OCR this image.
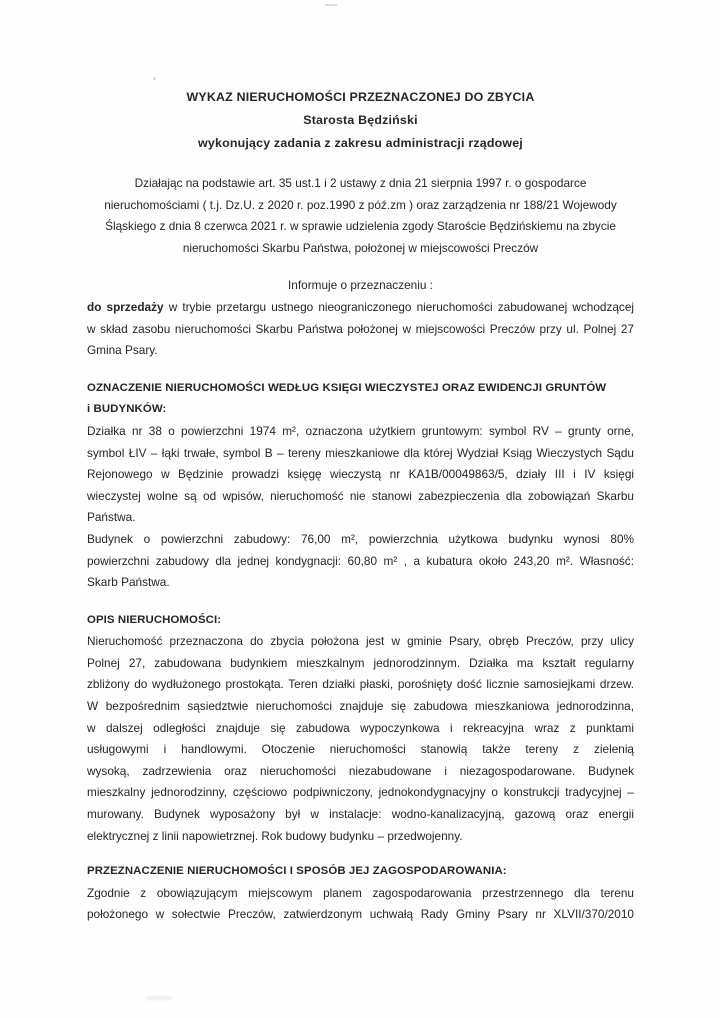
WYKAZ NIERUCHOMOŚCI PRZEZNACZONEJ DO ZBYCIA
Starosta Będziński
wykonujący zadania z zakresu administracji rządowej
Działając na podstawie art. 35 ust.1 i 2 ustawy z dnia 21 sierpnia 1997 r. o gospodarce
nieruchomościami ( t.j. Dz.U. z 2020 r. poz.1990 z póź.zm ) oraz zarządzenia nr 188/21 Wojewody
Śląskiego z dnia 8 czerwca 2021 r. w sprawie udzielenia zgody Staroście Będzińskiemu na zbycie
nieruchomości Skarbu Państwa, położonej w miejscowości Preczów
Informuje o przeznaczeniu :
do sprzedaży w trybie przetargu ustnego nieograniczonego nieruchomości zabudowanej wchodzącej
w skład zasobu nieruchomości Skarbu Państwa położonej w miejscowości Preczów przy ul. Polnej 27
Gmina Psary.
OZNACZENIE NIERUCHOMOŚCI WEDŁUG KSIĘGI WIECZYSTEJ ORAZ EWIDENCJI GRUNTÓW
i BUDYNKÓW:
Działka nr 38 o powierzchni 1974 m², oznaczona użytkiem gruntowym: symbol RV – grunty orne,
symbol ŁIV – łąki trwałe, symbol B – tereny mieszkaniowe dla której Wydział Ksiąg Wieczystych Sądu
Rejonowego w Będzinie prowadzi księgę wieczystą nr KA1B/00049863/5, działy III i IV księgi
wieczystej wolne są od wpisów, nieruchomość nie stanowi zabezpieczenia dla zobowiązań Skarbu
Państwa.
Budynek o powierzchni zabudowy: 76,00 m², powierzchnia użytkowa budynku wynosi 80%
powierzchni zabudowy dla jednej kondygnacji: 60,80 m² , a kubatura około 243,20 m². Własność:
Skarb Państwa.
OPIS NIERUCHOMOŚCI:
Nieruchomość przeznaczona do zbycia położona jest w gminie Psary, obręb Preczów, przy ulicy
Polnej 27, zabudowana budynkiem mieszkalnym jednorodzinnym. Działka ma kształt regularny
zbliżony do wydłużonego prostokąta. Teren działki płaski, porośnięty dość licznie samosiejkami drzew.
W bezpośrednim sąsiedztwie nieruchomości znajduje się zabudowa mieszkaniowa jednorodzinna,
w dalszej odległości znajduje się zabudowa wypoczynkowa i rekreacyjna wraz z punktami
usługowymi i handlowymi. Otoczenie nieruchomości stanowią także tereny z zielenią
wysoką, zadrzewienia oraz nieruchomości niezabudowane i niezagospodarowane. Budynek
mieszkalny jednorodzinny, częściowo podpiwniczony, jednokondygnacyjny o konstrukcji tradycyjnej –
murowany. Budynek wyposażony był w instalacje: wodno-kanalizacyjną, gazową oraz energii
elektrycznej z linii napowietrznej. Rok budowy budynku – przedwojenny.
PRZEZNACZENIE NIERUCHOMOŚCI I SPOSÓB JEJ ZAGOSPODAROWANIA:
Zgodnie z obowiązującym miejscowym planem zagospodarowania przestrzennego dla terenu
położonego w sołectwie Preczów, zatwierdzonym uchwałą Rady Gminy Psary nr XLVII/370/2010
